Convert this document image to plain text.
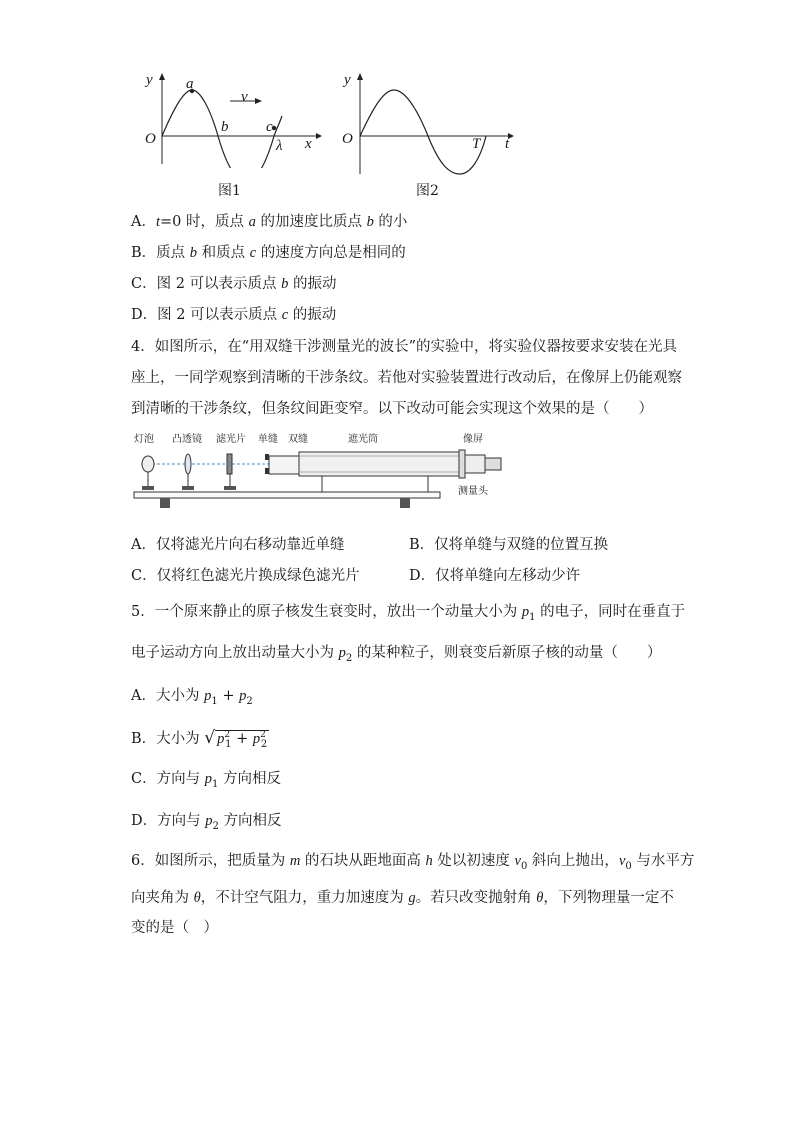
y a
v
O
b	c
λ x
图1
y
O	T t
图2
A．t=0 时，质点 a 的加速度比质点 b 的小
B．质点 b 和质点 c 的速度方向总是相同的
C．图 2 可以表示质点 b 的振动
D．图 2 可以表示质点 c 的振动
4．如图所示，在“用双缝干涉测量光的波长”的实验中，将实验仪器按要求安装在光具
座上，一同学观察到清晰的干涉条纹。若他对实验装置进行改动后，在像屏上仍能观察
到清晰的干涉条纹，但条纹间距变窄。以下改动可能会实现这个效果的是（　　）
灯泡 凸透镜 滤光片 单缝 双缝	遮光筒	像屏
测量头
A．仅将滤光片向右移动靠近单缝	B．仅将单缝与双缝的位置互换
C．仅将红色滤光片换成绿色滤光片	D．仅将单缝向左移动少许
5．一个原来静止的原子核发生衰变时，放出一个动量大小为 $p_1$ 的电子，同时在垂直于
电子运动方向上放出动量大小为 $p_2$ 的某种粒子，则衰变后新原子核的动量（　　）
A．大小为 $p_1 + p_2$
B．大小为 √ $p^2_1 + p^2_2$
C．方向与 $p_1$ 方向相反
D．方向与 $p_2$ 方向相反
6．如图所示，把质量为 m 的石块从距地面高 h 处以初速度 $v_0$ 斜向上抛出，$v_0$ 与水平方
向夹角为 θ，不计空气阻力，重力加速度为 g。若只改变抛射角 θ，下列物理量一定不
变的是（　）
